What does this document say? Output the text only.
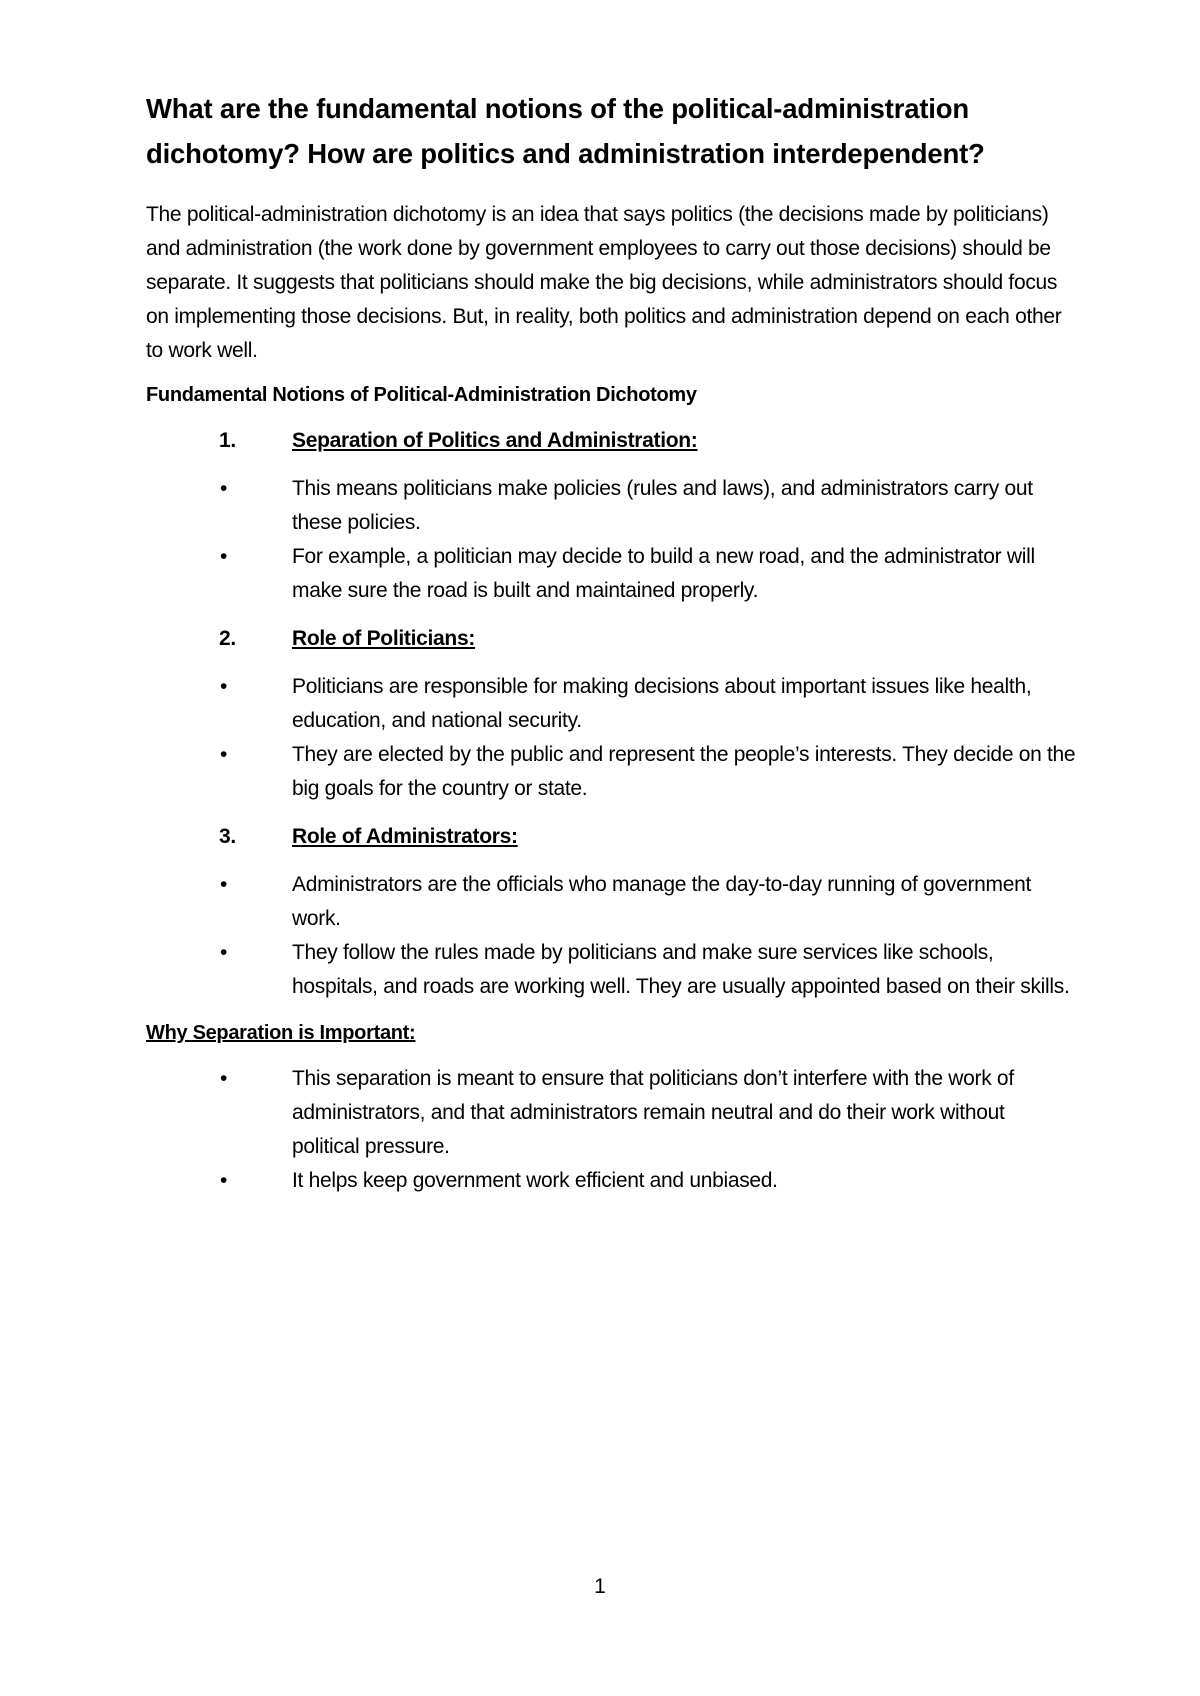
What are the fundamental notions of the political-administration dichotomy? How are politics and administration interdependent?

The political-administration dichotomy is an idea that says politics (the decisions made by politicians) and administration (the work done by government employees to carry out those decisions) should be separate. It suggests that politicians should make the big decisions, while administrators should focus on implementing those decisions. But, in reality, both politics and administration depend on each other to work well.

Fundamental Notions of Political-Administration Dichotomy
1.	Separation of Politics and Administration:
•	This means politicians make policies (rules and laws), and administrators carry out these policies.
•	For example, a politician may decide to build a new road, and the administrator will make sure the road is built and maintained properly.
2.	Role of Politicians:
•	Politicians are responsible for making decisions about important issues like health, education, and national security.
•	They are elected by the public and represent the people’s interests. They decide on the big goals for the country or state.
3.	Role of Administrators:
•	Administrators are the officials who manage the day-to-day running of government work.
•	They follow the rules made by politicians and make sure services like schools, hospitals, and roads are working well. They are usually appointed based on their skills.
Why Separation is Important:
•	This separation is meant to ensure that politicians don’t interfere with the work of administrators, and that administrators remain neutral and do their work without political pressure.
•	It helps keep government work efficient and unbiased.
1
